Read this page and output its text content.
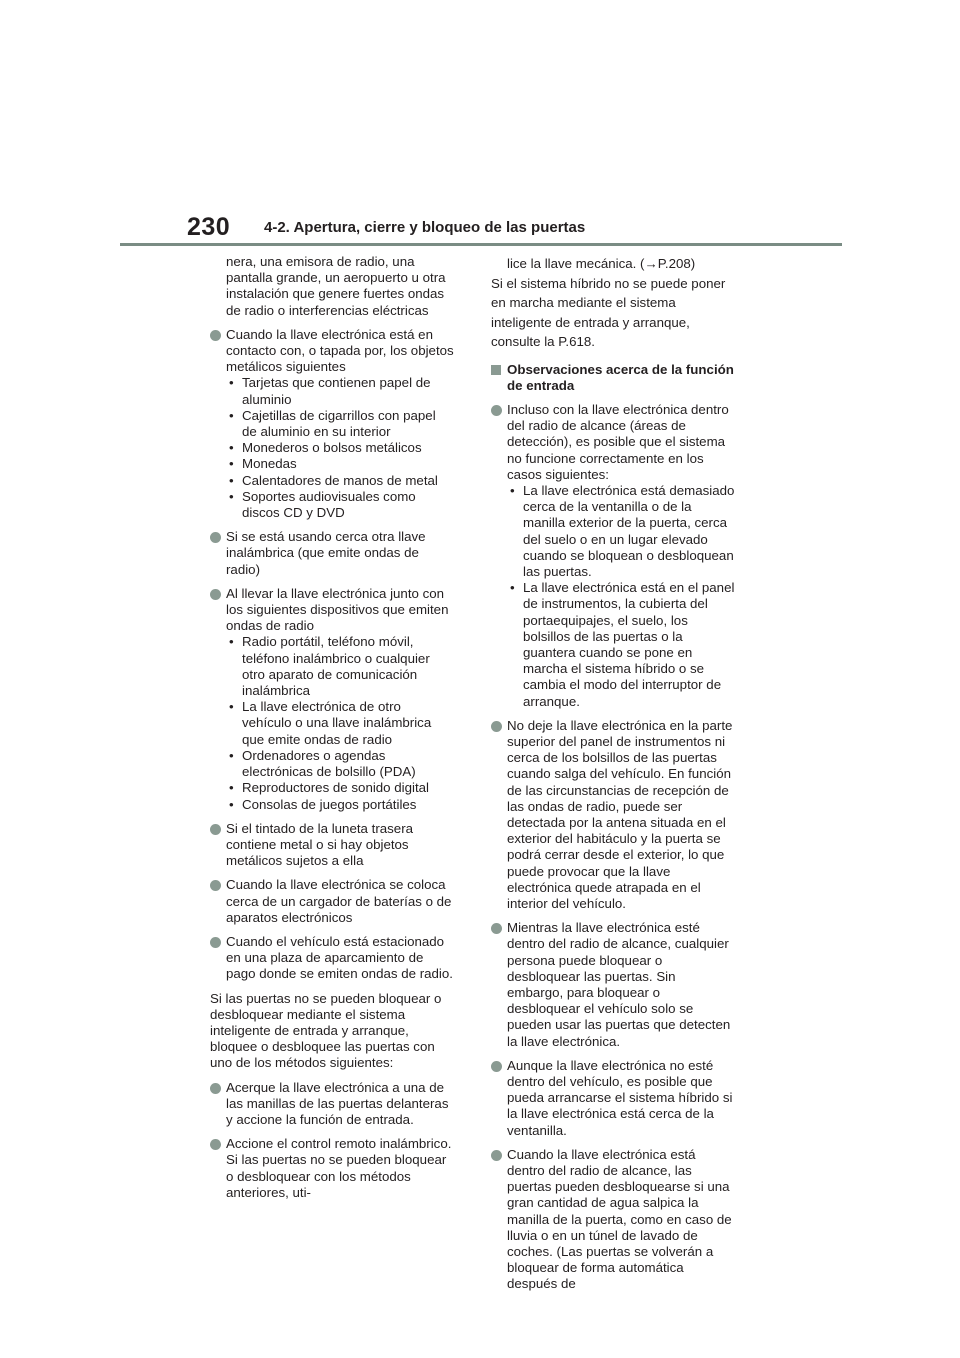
230 4-2. Apertura, cierre y bloqueo de las puertas

nera, una emisora de radio, una pantalla grande, un aeropuerto u otra instalación que genere fuertes ondas de radio o interferencias eléctricas

Cuando la llave electrónica está en contacto con, o tapada por, los objetos metálicos siguientes
• Tarjetas que contienen papel de aluminio
• Cajetillas de cigarrillos con papel de aluminio en su interior
• Monederos o bolsos metálicos
• Monedas
• Calentadores de manos de metal
• Soportes audiovisuales como discos CD y DVD
Si se está usando cerca otra llave inalámbrica (que emite ondas de radio)
Al llevar la llave electrónica junto con los siguientes dispositivos que emiten ondas de radio
• Radio portátil, teléfono móvil, teléfono inalámbrico o cualquier otro aparato de comunicación inalámbrica
• La llave electrónica de otro vehículo o una llave inalámbrica que emite ondas de radio
• Ordenadores o agendas electrónicas de bolsillo (PDA)
• Reproductores de sonido digital
• Consolas de juegos portátiles
Si el tintado de la luneta trasera contiene metal o si hay objetos metálicos sujetos a ella
Cuando la llave electrónica se coloca cerca de un cargador de baterías o de aparatos electrónicos
Cuando el vehículo está estacionado en una plaza de aparcamiento de pago donde se emiten ondas de radio.

Si las puertas no se pueden bloquear o desbloquear mediante el sistema inteligente de entrada y arranque, bloquee o desbloquee las puertas con uno de los métodos siguientes:

Acerque la llave electrónica a una de las manillas de las puertas delanteras y accione la función de entrada.
Accione el control remoto inalámbrico. Si las puertas no se pueden bloquear o desbloquear con los métodos anteriores, uti-

lice la llave mecánica. (→P.208)

Si el sistema híbrido no se puede poner en marcha mediante el sistema inteligente de entrada y arranque, consulte la P.618.

Observaciones acerca de la función de entrada
Incluso con la llave electrónica dentro del radio de alcance (áreas de detección), es posible que el sistema no funcione correctamente en los casos siguientes:
• La llave electrónica está demasiado cerca de la ventanilla o de la manilla exterior de la puerta, cerca del suelo o en un lugar elevado cuando se bloquean o desbloquean las puertas.
• La llave electrónica está en el panel de instrumentos, la cubierta del portaequipajes, el suelo, los bolsillos de las puertas o la guantera cuando se pone en marcha el sistema híbrido o se cambia el modo del interruptor de arranque.
No deje la llave electrónica en la parte superior del panel de instrumentos ni cerca de los bolsillos de las puertas cuando salga del vehículo. En función de las circunstancias de recepción de las ondas de radio, puede ser detectada por la antena situada en el exterior del habitáculo y la puerta se podrá cerrar desde el exterior, lo que puede provocar que la llave electrónica quede atrapada en el interior del vehículo.
Mientras la llave electrónica esté dentro del radio de alcance, cualquier persona puede bloquear o desbloquear las puertas. Sin embargo, para bloquear o desbloquear el vehículo solo se pueden usar las puertas que detecten la llave electrónica.
Aunque la llave electrónica no esté dentro del vehículo, es posible que pueda arrancarse el sistema híbrido si la llave electrónica está cerca de la ventanilla.
Cuando la llave electrónica está dentro del radio de alcance, las puertas pueden desbloquearse si una gran cantidad de agua salpica la manilla de la puerta, como en caso de lluvia o en un túnel de lavado de coches. (Las puertas se volverán a bloquear de forma automática después de
